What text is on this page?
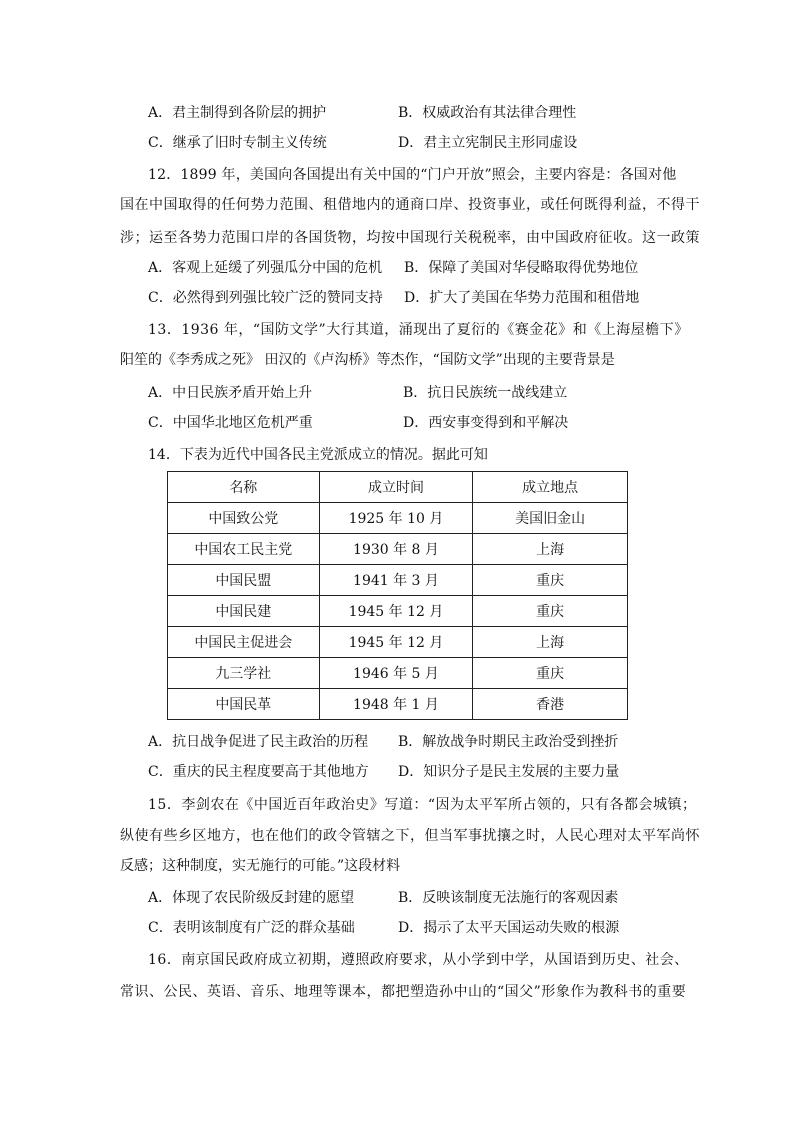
A．君主制得到各阶层的拥护	B．权威政治有其法律合理性
C．继承了旧时专制主义传统	D．君主立宪制民主形同虚设
12．1899 年，美国向各国提出有关中国的“门户开放”照会，主要内容是：各国对他
国在中国取得的任何势力范围、租借地内的通商口岸、投资事业，或任何既得利益，不得干
涉；运至各势力范围口岸的各国货物，均按中国现行关税税率，由中国政府征收。这一政策
A．客观上延缓了列强瓜分中国的危机 B．保障了美国对华侵略取得优势地位
C．必然得到列强比较广泛的赞同支持 D．扩大了美国在华势力范围和租借地
13．1936 年，“国防文学”大行其道，涌现出了夏衍的《赛金花》和《上海屋檐下》
阳笙的《李秀成之死》 田汉的《卢沟桥》等杰作，“国防文学”出现的主要背景是
A．中日民族矛盾开始上升	B．抗日民族统一战线建立
C．中国华北地区危机严重	D．西安事变得到和平解决
14．下表为近代中国各民主党派成立的情况。据此可知
名称	成立时间	成立地点
中国致公党	1925 年 10 月	美国旧金山
中国农工民主党	1930 年 8 月	上海
中国民盟	1941 年 3 月	重庆
中国民建	1945 年 12 月	重庆
中国民主促进会	1945 年 12 月	上海
九三学社	1946 年 5 月	重庆
中国民革	1948 年 1 月	香港
A．抗日战争促进了民主政治的历程 B．解放战争时期民主政治受到挫折
C．重庆的民主程度要高于其他地方 D．知识分子是民主发展的主要力量
15．李剑农在《中国近百年政治史》写道：“因为太平军所占领的，只有各都会城镇；
纵使有些乡区地方，也在他们的政令管辖之下，但当军事扰攘之时，人民心理对太平军尚怀
反感；这种制度，实无施行的可能。”这段材料
A．体现了农民阶级反封建的愿望	B．反映该制度无法施行的客观因素
C．表明该制度有广泛的群众基础	D．揭示了太平天国运动失败的根源
16．南京国民政府成立初期，遵照政府要求，从小学到中学，从国语到历史、社会、
常识、公民、英语、音乐、地理等课本，都把塑造孙中山的“国父”形象作为教科书的重要
